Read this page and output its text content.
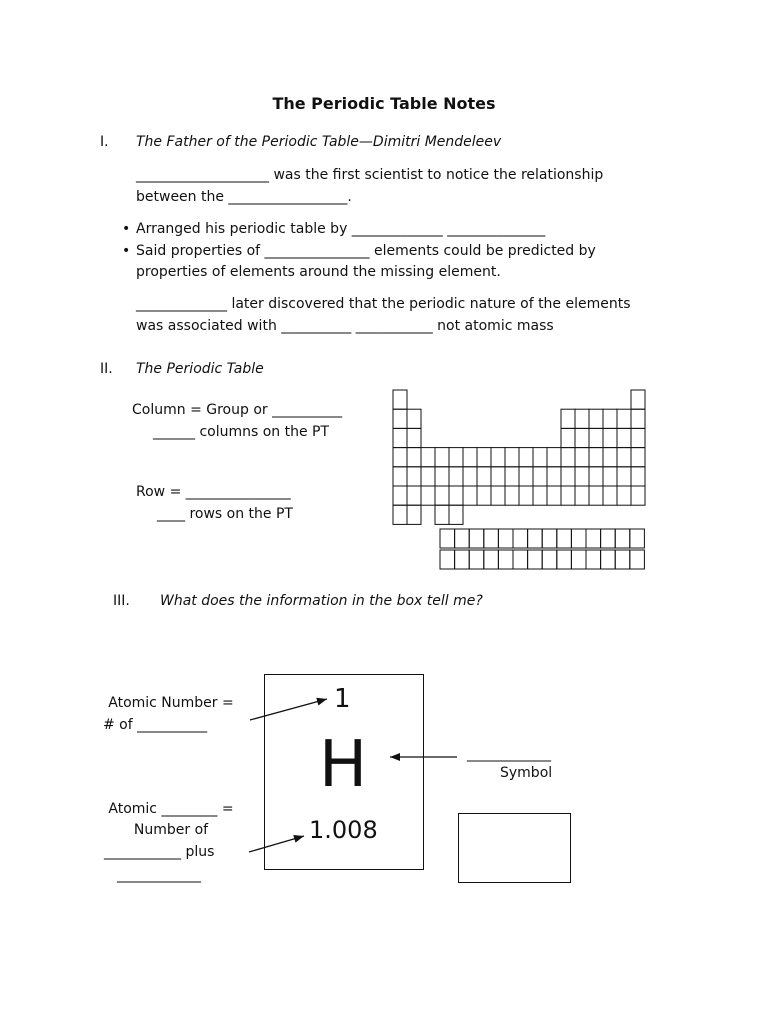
The Periodic Table Notes
I. The Father of the Periodic Table—Dimitri Mendeleev
___________________ was the first scientist to notice the relationship
between the _________________.
• Arranged his periodic table by _____________ ______________
• Said properties of _______________ elements could be predicted by
properties of elements around the missing element.
_____________ later discovered that the periodic nature of the elements
was associated with __________ ___________ not atomic mass
II. The Periodic Table
Column = Group or __________
______ columns on the PT
Row = _______________
____ rows on the PT
III. What does the information in the box tell me?
Atomic Number =
# of __________
Atomic ________ =
Number of
___________ plus
____________
1
H
1.008
____________
Symbol
